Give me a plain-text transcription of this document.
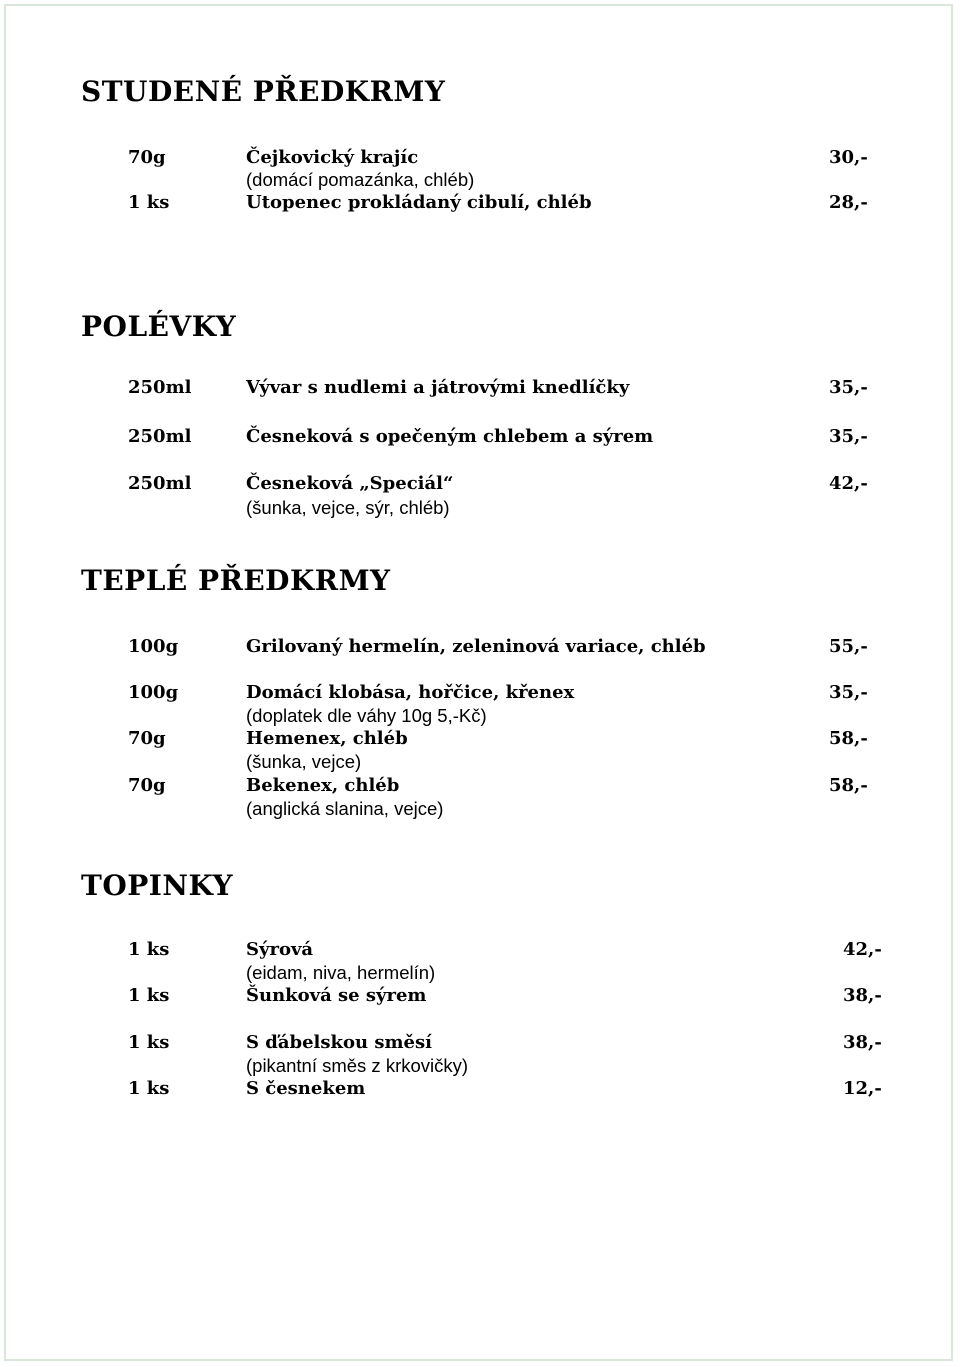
STUDENÉ PŘEDKRMY
70g	Čejkovický krajíc	30,-
(domácí pomazánka, chléb)
1 ks	Utopenec prokládaný cibulí, chléb	28,-
POLÉVKY
250ml	Vývar s nudlemi a játrovými knedlíčky	35,-
250ml	Česneková s opečeným chlebem a sýrem	35,-
250ml	Česneková „Speciál“	42,-
(šunka, vejce, sýr, chléb)
TEPLÉ PŘEDKRMY
100g	Grilovaný hermelín, zeleninová variace, chléb	55,-
100g	Domácí klobása, hořčice, křenex	35,-
(doplatek dle váhy 10g 5,-Kč)
70g	Hemenex, chléb	58,-
(šunka, vejce)
70g	Bekenex, chléb	58,-
(anglická slanina, vejce)
TOPINKY
1 ks	Sýrová	42,-
(eidam, niva, hermelín)
1 ks	Šunková se sýrem	38,-
1 ks	S ďábelskou směsí	38,-
(pikantní směs z krkovičky)
1 ks	S česnekem	12,-
